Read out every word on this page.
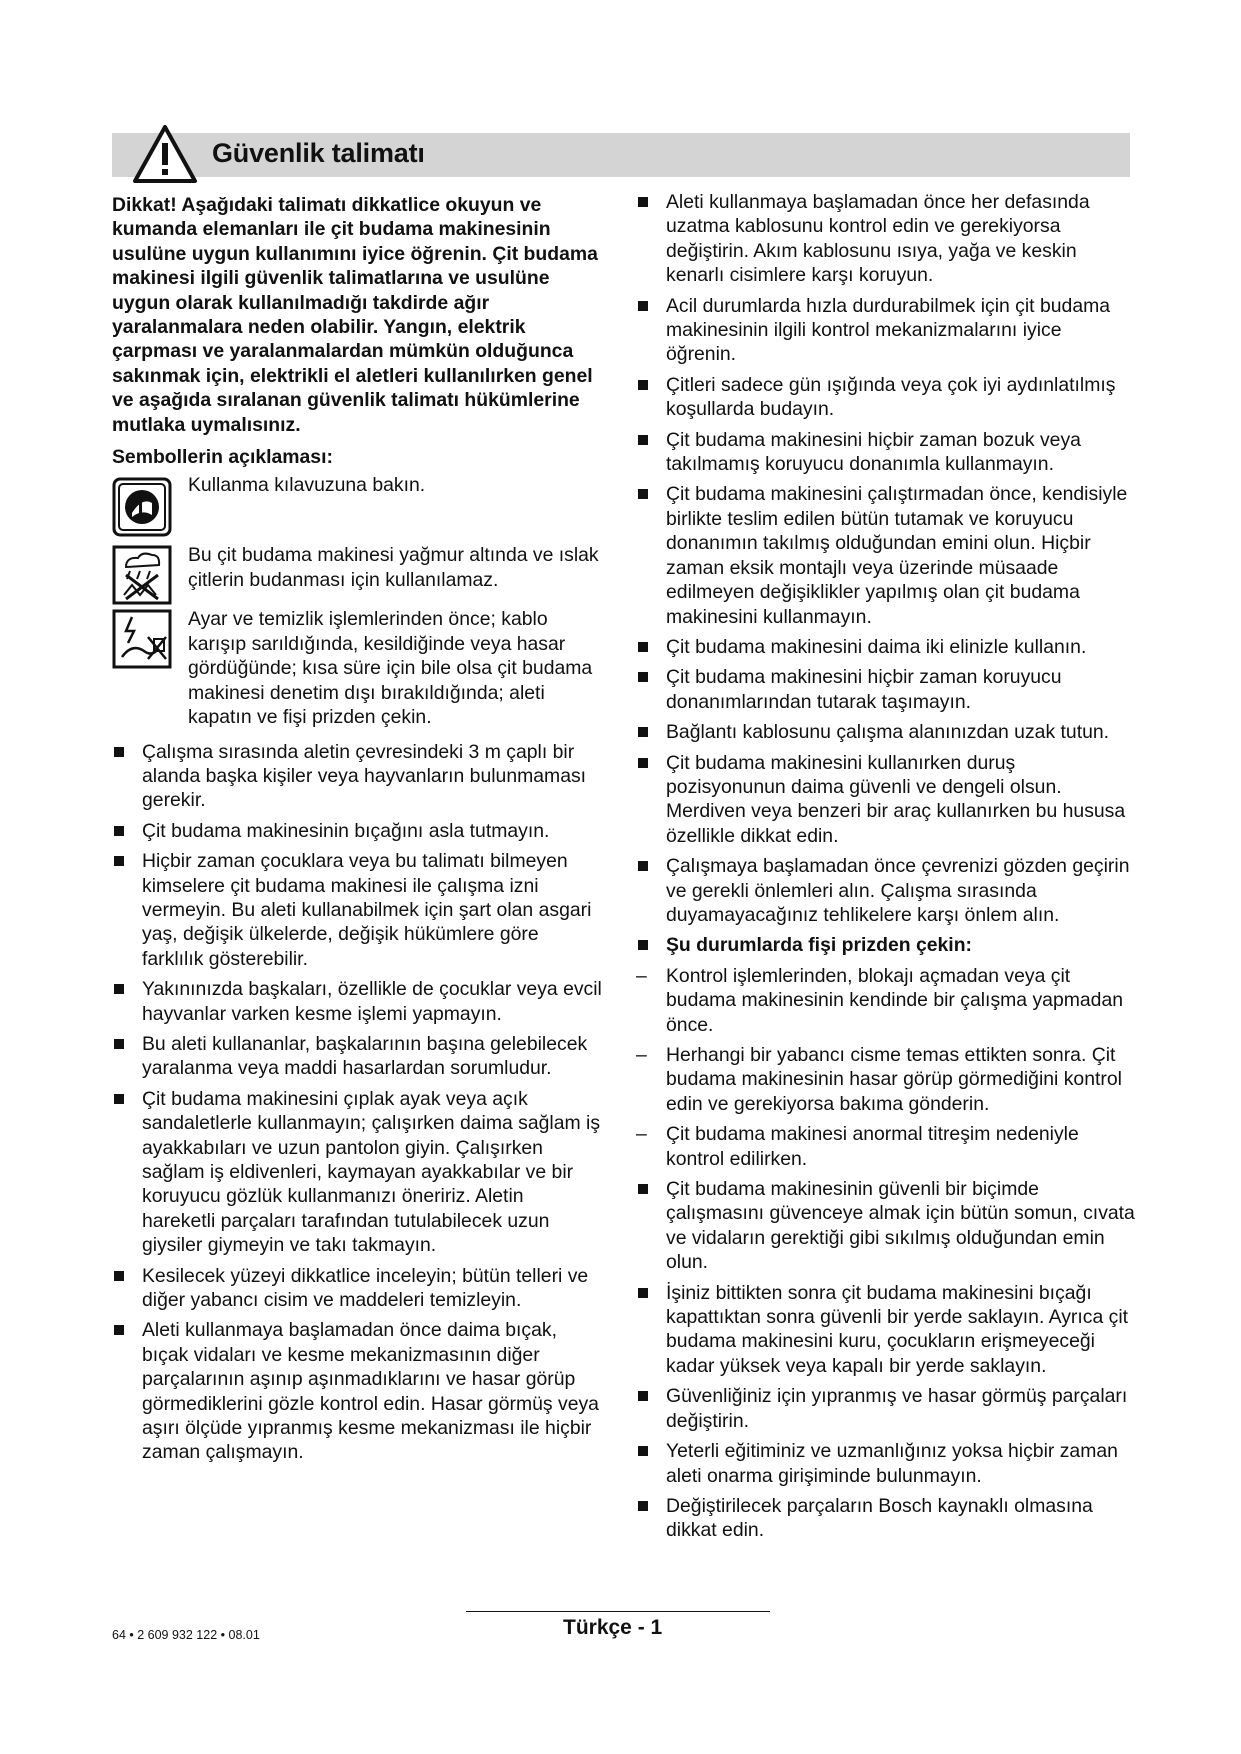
Güvenlik talimatı

Dikkat! Aşağıdaki talimatı dikkatlice okuyun ve kumanda elemanları ile çit budama makinesinin usulüne uygun kullanımını iyice öğrenin. Çit budama makinesi ilgili güvenlik talimatlarına ve usulüne uygun olarak kullanılmadığı takdirde ağır yaralanmalara neden olabilir. Yangın, elektrik çarpması ve yaralanmalardan mümkün olduğunca sakınmak için, elektrikli el aletleri kullanılırken genel ve aşağıda sıralanan güvenlik talimatı hükümlerine mutlaka uymalısınız.

Sembollerin açıklaması:

Kullanma kılavuzuna bakın.

Bu çit budama makinesi yağmur altında ve ıslak çitlerin budanması için kullanılamaz.

Ayar ve temizlik işlemlerinden önce; kablo karışıp sarıldığında, kesildiğinde veya hasar gördüğünde; kısa süre için bile olsa çit budama makinesi denetim dışı bırakıldığında; aleti kapatın ve fişi prizden çekin.

Çalışma sırasında aletin çevresindeki 3 m çaplı bir alanda başka kişiler veya hayvanların bulunmaması gerekir.
Çit budama makinesinin bıçağını asla tutmayın.
Hiçbir zaman çocuklara veya bu talimatı bilmeyen kimselere çit budama makinesi ile çalışma izni vermeyin. Bu aleti kullanabilmek için şart olan asgari yaş, değişik ülkelerde, değişik hükümlere göre farklılık gösterebilir.
Yakınınızda başkaları, özellikle de çocuklar veya evcil hayvanlar varken kesme işlemi yapmayın.
Bu aleti kullananlar, başkalarının başına gelebilecek yaralanma veya maddi hasarlardan sorumludur.
Çit budama makinesini çıplak ayak veya açık sandaletlerle kullanmayın; çalışırken daima sağlam iş ayakkabıları ve uzun pantolon giyin. Çalışırken sağlam iş eldivenleri, kaymayan ayakkabılar ve bir koruyucu gözlük kullanmanızı öneririz. Aletin hareketli parçaları tarafından tutulabilecek uzun giysiler giymeyin ve takı takmayın.
Kesilecek yüzeyi dikkatlice inceleyin; bütün telleri ve diğer yabancı cisim ve maddeleri temizleyin.
Aleti kullanmaya başlamadan önce daima bıçak, bıçak vidaları ve kesme mekanizmasının diğer parçalarının aşınıp aşınmadıklarını ve hasar görüp görmediklerini gözle kontrol edin. Hasar görmüş veya aşırı ölçüde yıpranmış kesme mekanizması ile hiçbir zaman çalışmayın.
Aleti kullanmaya başlamadan önce her defasında uzatma kablosunu kontrol edin ve gerekiyorsa değiştirin. Akım kablosunu ısıya, yağa ve keskin kenarlı cisimlere karşı koruyun.
Acil durumlarda hızla durdurabilmek için çit budama makinesinin ilgili kontrol mekanizmalarını iyice öğrenin.
Çitleri sadece gün ışığında veya çok iyi aydınlatılmış koşullarda budayın.
Çit budama makinesini hiçbir zaman bozuk veya takılmamış koruyucu donanımla kullanmayın.
Çit budama makinesini çalıştırmadan önce, kendisiyle birlikte teslim edilen bütün tutamak ve koruyucu donanımın takılmış olduğundan emini olun. Hiçbir zaman eksik montajlı veya üzerinde müsaade edilmeyen değişiklikler yapılmış olan çit budama makinesini kullanmayın.
Çit budama makinesini daima iki elinizle kullanın.
Çit budama makinesini hiçbir zaman koruyucu donanımlarından tutarak taşımayın.
Bağlantı kablosunu çalışma alanınızdan uzak tutun.
Çit budama makinesini kullanırken duruş pozisyonunun daima güvenli ve dengeli olsun. Merdiven veya benzeri bir araç kullanırken bu hususa özellikle dikkat edin.
Çalışmaya başlamadan önce çevrenizi gözden geçirin ve gerekli önlemleri alın. Çalışma sırasında duyamayacağınız tehlikelere karşı önlem alın.
Şu durumlarda fişi prizden çekin:
– Kontrol işlemlerinden, blokajı açmadan veya çit budama makinesinin kendinde bir çalışma yapmadan önce.
– Herhangi bir yabancı cisme temas ettikten sonra. Çit budama makinesinin hasar görüp görmediğini kontrol edin ve gerekiyorsa bakıma gönderin.
– Çit budama makinesi anormal titreşim nedeniyle kontrol edilirken.
Çit budama makinesinin güvenli bir biçimde çalışmasını güvenceye almak için bütün somun, cıvata ve vidaların gerektiği gibi sıkılmış olduğundan emin olun.
İşiniz bittikten sonra çit budama makinesini bıçağı kapattıktan sonra güvenli bir yerde saklayın. Ayrıca çit budama makinesini kuru, çocukların erişmeyeceği kadar yüksek veya kapalı bir yerde saklayın.
Güvenliğiniz için yıpranmış ve hasar görmüş parçaları değiştirin.
Yeterli eğitiminiz ve uzmanlığınız yoksa hiçbir zaman aleti onarma girişiminde bulunmayın.
Değiştirilecek parçaların Bosch kaynaklı olmasına dikkat edin.
64 • 2 609 932 122 • 08.01	Türkçe - 1
